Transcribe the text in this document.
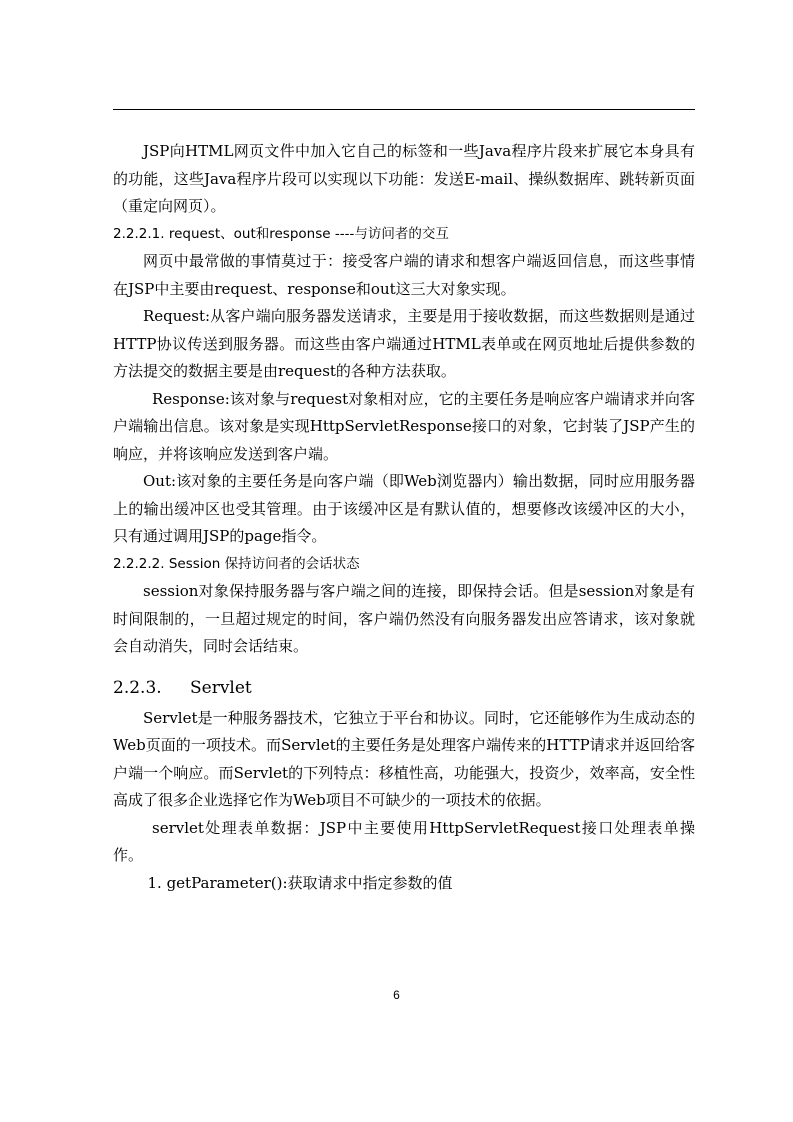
JSP向HTML网页文件中加入它自己的标签和一些Java程序片段来扩展它本身具有的功能，这些Java程序片段可以实现以下功能：发送E-mail、操纵数据库、跳转新页面（重定向网页）。

2.2.2.1. request、out和response ----与访问者的交互

网页中最常做的事情莫过于：接受客户端的请求和想客户端返回信息，而这些事情在JSP中主要由request、response和out这三大对象实现。

Request:从客户端向服务器发送请求，主要是用于接收数据，而这些数据则是通过HTTP协议传送到服务器。而这些由客户端通过HTML表单或在网页地址后提供参数的方法提交的数据主要是由request的各种方法获取。

Response:该对象与request对象相对应，它的主要任务是响应客户端请求并向客户端输出信息。该对象是实现HttpServletResponse接口的对象，它封装了JSP产生的响应，并将该响应发送到客户端。

Out:该对象的主要任务是向客户端（即Web浏览器内）输出数据，同时应用服务器上的输出缓冲区也受其管理。由于该缓冲区是有默认值的，想要修改该缓冲区的大小，只有通过调用JSP的page指令。

2.2.2.2. Session 保持访问者的会话状态

session对象保持服务器与客户端之间的连接，即保持会话。但是session对象是有时间限制的，一旦超过规定的时间，客户端仍然没有向服务器发出应答请求，该对象就会自动消失，同时会话结束。

2.2.3. Servlet

Servlet是一种服务器技术，它独立于平台和协议。同时，它还能够作为生成动态的Web页面的一项技术。而Servlet的主要任务是处理客户端传来的HTTP请求并返回给客户端一个响应。而Servlet的下列特点：移植性高，功能强大，投资少，效率高，安全性高成了很多企业选择它作为Web项目不可缺少的一项技术的依据。

servlet处理表单数据：JSP中主要使用HttpServletRequest接口处理表单操作。

1. getParameter():获取请求中指定参数的值

6
